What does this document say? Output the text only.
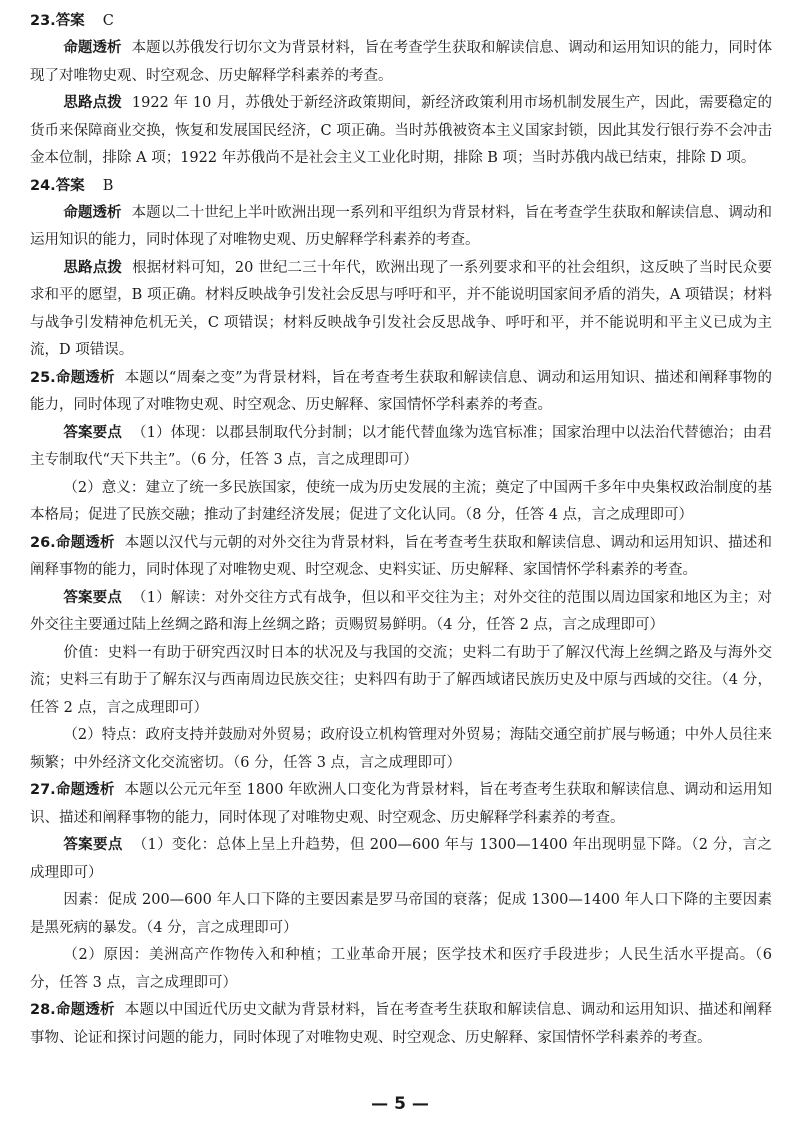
23.答案 C

命题透析 本题以苏俄发行切尔文为背景材料，旨在考查学生获取和解读信息、调动和运用知识的能力，同时体现了对唯物史观、时空观念、历史解释学科素养的考查。

思路点拨 1922 年 10 月，苏俄处于新经济政策期间，新经济政策利用市场机制发展生产，因此，需要稳定的货币来保障商业交换，恢复和发展国民经济，C 项正确。当时苏俄被资本主义国家封锁，因此其发行银行券不会冲击金本位制，排除 A 项；1922 年苏俄尚不是社会主义工业化时期，排除 B 项；当时苏俄内战已结束，排除 D 项。

24.答案 B

命题透析 本题以二十世纪上半叶欧洲出现一系列和平组织为背景材料，旨在考查学生获取和解读信息、调动和运用知识的能力，同时体现了对唯物史观、历史解释学科素养的考查。

思路点拨 根据材料可知，20 世纪二三十年代，欧洲出现了一系列要求和平的社会组织，这反映了当时民众要求和平的愿望，B 项正确。材料反映战争引发社会反思与呼吁和平，并不能说明国家间矛盾的消失，A 项错误；材料与战争引发精神危机无关，C 项错误；材料反映战争引发社会反思战争、呼吁和平，并不能说明和平主义已成为主流，D 项错误。

25.命题透析 本题以“周秦之变”为背景材料，旨在考查考生获取和解读信息、调动和运用知识、描述和阐释事物的能力，同时体现了对唯物史观、时空观念、历史解释、家国情怀学科素养的考查。

答案要点 （1）体现：以郡县制取代分封制；以才能代替血缘为选官标准；国家治理中以法治代替德治；由君主专制取代“天下共主”。（6 分，任答 3 点，言之成理即可）

（2）意义：建立了统一多民族国家，使统一成为历史发展的主流；奠定了中国两千多年中央集权政治制度的基本格局；促进了民族交融；推动了封建经济发展；促进了文化认同。（8 分，任答 4 点，言之成理即可）

26.命题透析 本题以汉代与元朝的对外交往为背景材料，旨在考查考生获取和解读信息、调动和运用知识、描述和阐释事物的能力，同时体现了对唯物史观、时空观念、史料实证、历史解释、家国情怀学科素养的考查。

答案要点 （1）解读：对外交往方式有战争，但以和平交往为主；对外交往的范围以周边国家和地区为主；对外交往主要通过陆上丝绸之路和海上丝绸之路；贡赐贸易鲜明。（4 分，任答 2 点，言之成理即可）

价值：史料一有助于研究西汉时日本的状况及与我国的交流；史料二有助于了解汉代海上丝绸之路及与海外交流；史料三有助于了解东汉与西南周边民族交往；史料四有助于了解西域诸民族历史及中原与西域的交往。（4 分，任答 2 点，言之成理即可）

（2）特点：政府支持并鼓励对外贸易；政府设立机构管理对外贸易；海陆交通空前扩展与畅通；中外人员往来频繁；中外经济文化交流密切。（6 分，任答 3 点，言之成理即可）

27.命题透析 本题以公元元年至 1800 年欧洲人口变化为背景材料，旨在考查考生获取和解读信息、调动和运用知识、描述和阐释事物的能力，同时体现了对唯物史观、时空观念、历史解释学科素养的考查。

答案要点 （1）变化：总体上呈上升趋势，但 200—600 年与 1300—1400 年出现明显下降。（2 分，言之成理即可）

因素：促成 200—600 年人口下降的主要因素是罗马帝国的衰落；促成 1300—1400 年人口下降的主要因素是黑死病的暴发。（4 分，言之成理即可）

（2）原因：美洲高产作物传入和种植；工业革命开展；医学技术和医疗手段进步；人民生活水平提高。（6 分，任答 3 点，言之成理即可）

28.命题透析 本题以中国近代历史文献为背景材料，旨在考查考生获取和解读信息、调动和运用知识、描述和阐释事物、论证和探讨问题的能力，同时体现了对唯物史观、时空观念、历史解释、家国情怀学科素养的考查。

— 5 —
